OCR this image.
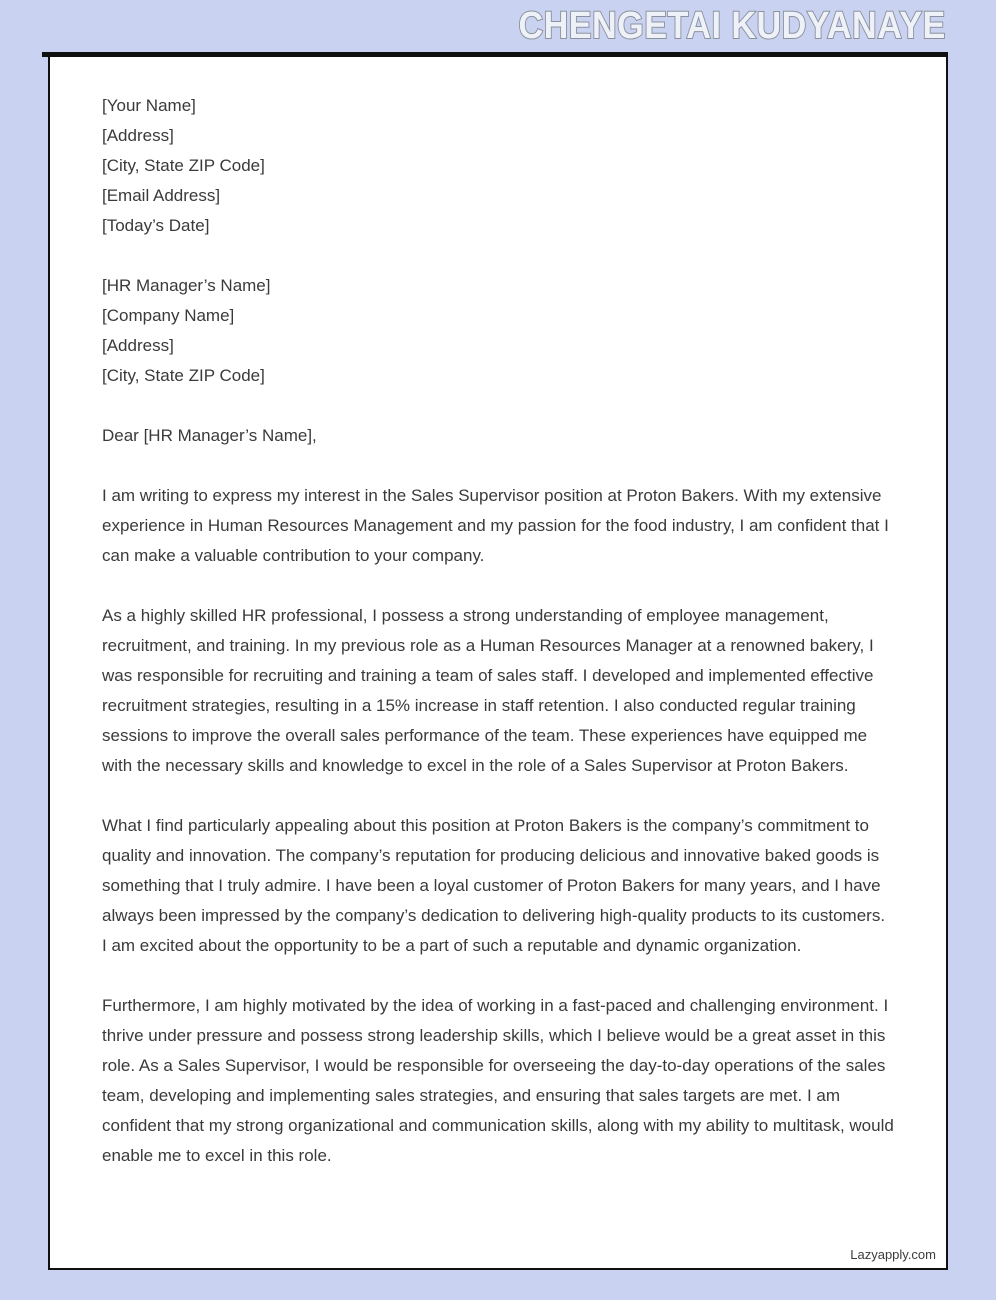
CHENGETAI KUDYANAYE

[Your Name]

[Address]

[City, State ZIP Code]

[Email Address]

[Today’s Date]

[HR Manager’s Name]

[Company Name]

[Address]

[City, State ZIP Code]

Dear [HR Manager’s Name],

I am writing to express my interest in the Sales Supervisor position at Proton Bakers. With my extensive experience in Human Resources Management and my passion for the food industry, I am confident that I can make a valuable contribution to your company.

As a highly skilled HR professional, I possess a strong understanding of employee management, recruitment, and training. In my previous role as a Human Resources Manager at a renowned bakery, I was responsible for recruiting and training a team of sales staff. I developed and implemented effective recruitment strategies, resulting in a 15% increase in staff retention. I also conducted regular training sessions to improve the overall sales performance of the team. These experiences have equipped me with the necessary skills and knowledge to excel in the role of a Sales Supervisor at Proton Bakers.

What I find particularly appealing about this position at Proton Bakers is the company’s commitment to quality and innovation. The company’s reputation for producing delicious and innovative baked goods is something that I truly admire. I have been a loyal customer of Proton Bakers for many years, and I have always been impressed by the company’s dedication to delivering high-quality products to its customers. I am excited about the opportunity to be a part of such a reputable and dynamic organization.

Furthermore, I am highly motivated by the idea of working in a fast-paced and challenging environment. I thrive under pressure and possess strong leadership skills, which I believe would be a great asset in this role. As a Sales Supervisor, I would be responsible for overseeing the day-to-day operations of the sales team, developing and implementing sales strategies, and ensuring that sales targets are met. I am confident that my strong organizational and communication skills, along with my ability to multitask, would enable me to excel in this role.

Lazyapply.com
